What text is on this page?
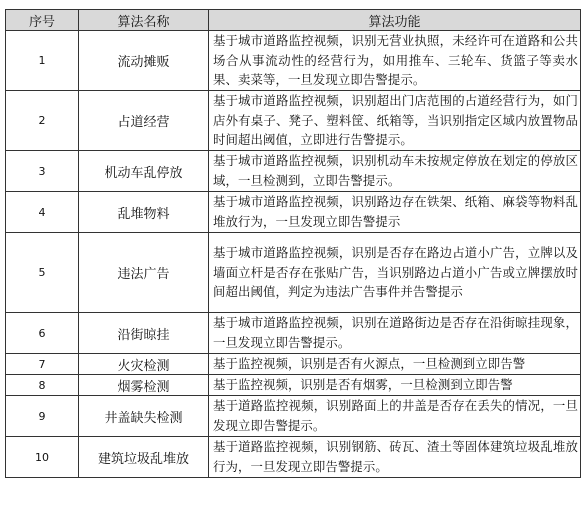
序号	算法名称	算法功能
1	流动摊贩	基于城市道路监控视频，识别无营业执照，未经许可在道路和公共场合从事流动性的经营行为，如用推车、三轮车、货篮子等卖水果、卖菜等，一旦发现立即告警提示。
2	占道经营	基于城市道路监控视频，识别超出门店范围的占道经营行为，如门店外有桌子、凳子、塑料筐、纸箱等，当识别指定区域内放置物品时间超出阈值，立即进行告警提示。
3	机动车乱停放	基于城市道路监控视频，识别机动车未按规定停放在划定的停放区域，一旦检测到，立即告警提示。
4	乱堆物料	基于城市道路监控视频，识别路边存在铁架、纸箱、麻袋等物料乱堆放行为，一旦发现立即告警提示
5	违法广告	基于城市道路监控视频，识别是否存在路边占道小广告，立牌以及墙面立杆是否存在张贴广告，当识别路边占道小广告或立牌摆放时间超出阈值，判定为违法广告事件并告警提示
6	沿街晾挂	基于城市道路监控视频，识别在道路街边是否存在沿街晾挂现象，一旦发现立即告警提示。
7	火灾检测	基于监控视频，识别是否有火源点，一旦检测到立即告警
8	烟雾检测	基于监控视频，识别是否有烟雾，一旦检测到立即告警
9	井盖缺失检测	基于道路监控视频，识别路面上的井盖是否存在丢失的情况，一旦发现立即告警提示。
10	建筑垃圾乱堆放	基于道路监控视频，识别钢筋、砖瓦、渣土等固体建筑垃圾乱堆放行为，一旦发现立即告警提示。
